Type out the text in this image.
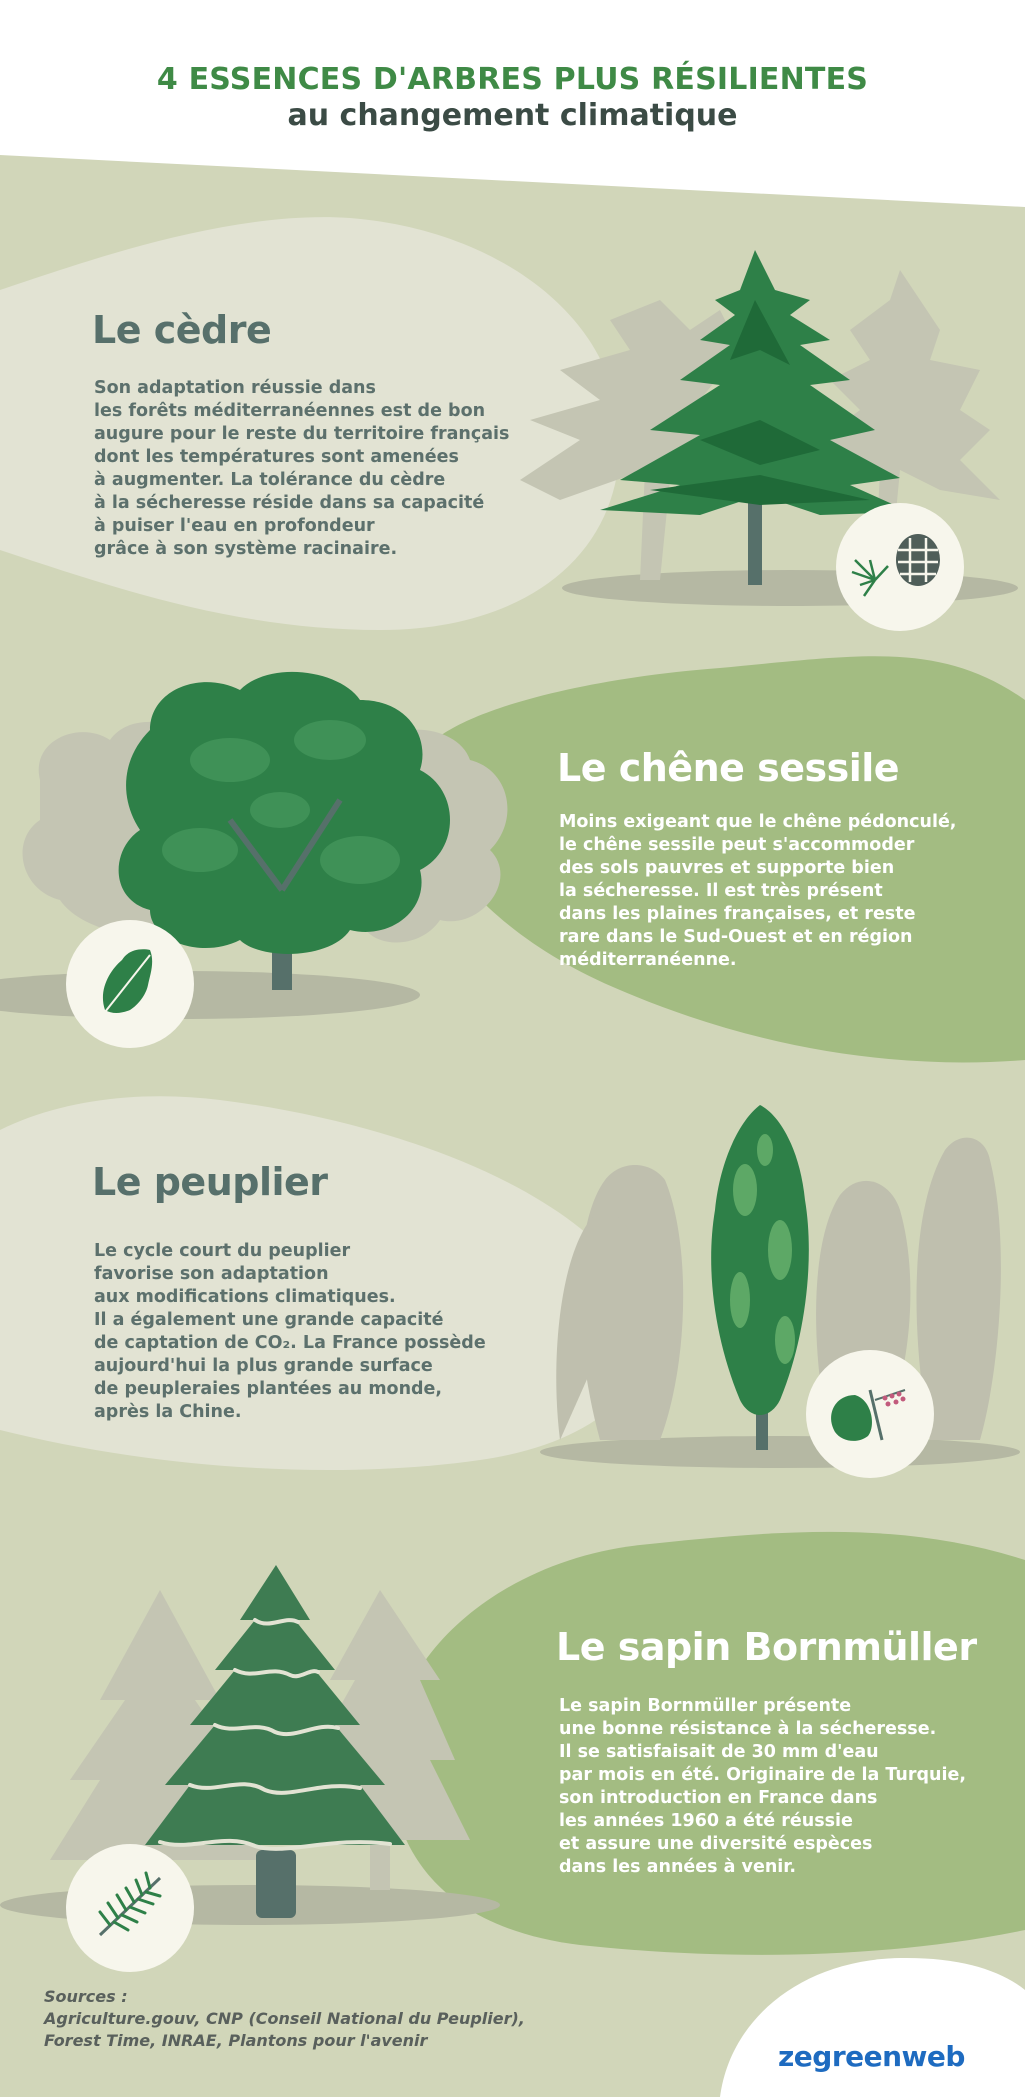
4 ESSENCES D'ARBRES PLUS RÉSILIENTES
au changement climatique
Le cèdre

Son adaptation réussie dans
les forêts méditerranéennes est de bon
augure pour le reste du territoire français
dont les températures sont amenées
à augmenter. La tolérance du cèdre
à la sécheresse réside dans sa capacité
à puiser l'eau en profondeur
grâce à son système racinaire.

Le chêne sessile

Moins exigeant que le chêne pédonculé,
le chêne sessile peut s'accommoder
des sols pauvres et supporte bien
la sécheresse. Il est très présent
dans les plaines françaises, et reste
rare dans le Sud-Ouest et en région
méditerranéenne.

Le peuplier

Le cycle court du peuplier
favorise son adaptation
aux modifications climatiques.
Il a également une grande capacité
de captation de CO₂. La France possède
aujourd'hui la plus grande surface
de peupleraies plantées au monde,
après la Chine.

Le sapin Bornmüller

Le sapin Bornmüller présente
une bonne résistance à la sécheresse.
Il se satisfaisait de 30 mm d'eau
par mois en été. Originaire de la Turquie,
son introduction en France dans
les années 1960 a été réussie
et assure une diversité espèces
dans les années à venir.

Sources :
Agriculture.gouv, CNP (Conseil National du Peuplier),
Forest Time, INRAE, Plantons pour l'avenir	zegreenweb
